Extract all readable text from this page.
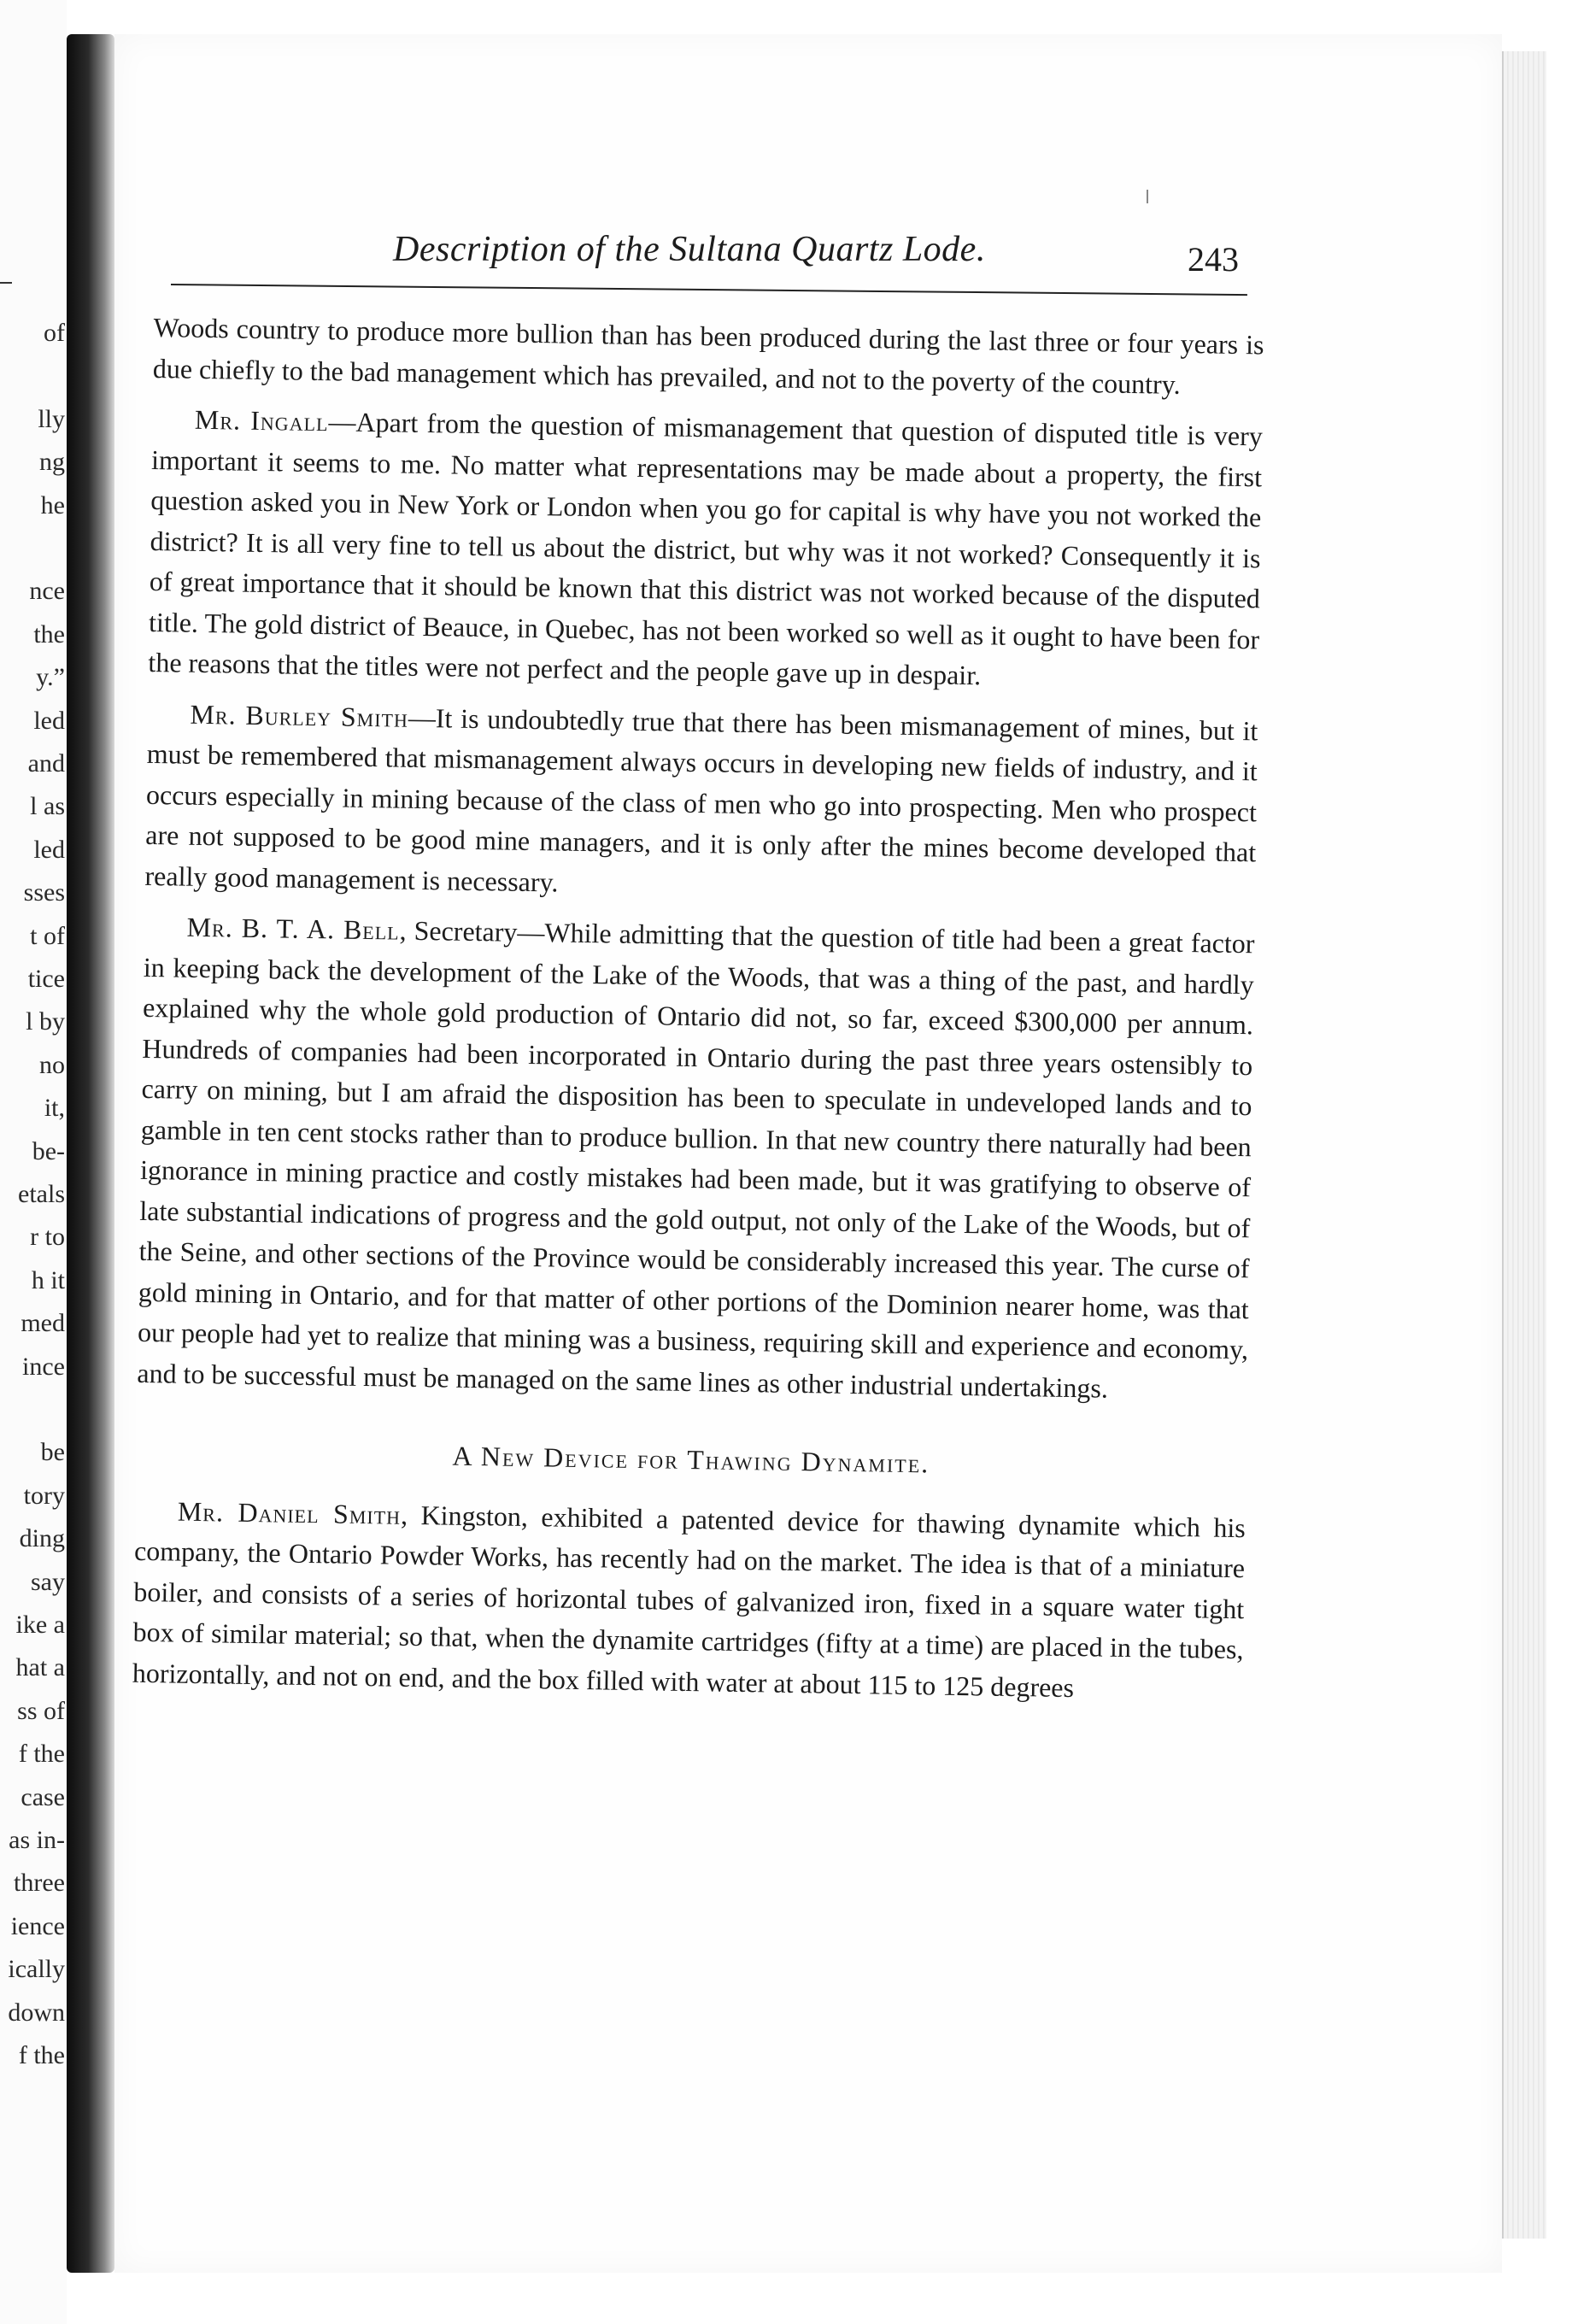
of
lly
ng
he
nce
the
y.”
led
and
l as
led
sses
t of
tice
l by
no
it,
be-
etals
r to
h it
med
ince
be
tory
ding
say
ike a
hat a
ss of
f the
case
as in-
three
ience
ically
down
f the
Description of the Sultana Quartz Lode.	243

Woods country to produce more bullion than has been produced during the last three or four years is due chiefly to the bad management which has prevailed, and not to the poverty of the country.

Mr. Ingall—Apart from the question of mismanagement that question of disputed title is very important it seems to me. No matter what representations may be made about a property, the first question asked you in New York or London when you go for capital is why have you not worked the district? It is all very fine to tell us about the district, but why was it not worked? Consequently it is of great importance that it should be known that this district was not worked because of the disputed title. The gold district of Beauce, in Quebec, has not been worked so well as it ought to have been for the reasons that the titles were not perfect and the people gave up in despair.

Mr. Burley Smith—It is undoubtedly true that there has been mismanagement of mines, but it must be remembered that mismanagement always occurs in developing new fields of industry, and it occurs especially in mining because of the class of men who go into prospecting. Men who prospect are not supposed to be good mine managers, and it is only after the mines become developed that really good management is necessary.

Mr. B. T. A. Bell, Secretary—While admitting that the question of title had been a great factor in keeping back the development of the Lake of the Woods, that was a thing of the past, and hardly explained why the whole gold production of Ontario did not, so far, exceed $300,000 per annum. Hundreds of companies had been incorporated in Ontario during the past three years ostensibly to carry on mining, but I am afraid the disposition has been to speculate in undeveloped lands and to gamble in ten cent stocks rather than to produce bullion. In that new country there naturally had been ignorance in mining practice and costly mistakes had been made, but it was gratifying to observe of late substantial indications of progress and the gold output, not only of the Lake of the Woods, but of the Seine, and other sections of the Province would be considerably increased this year. The curse of gold mining in Ontario, and for that matter of other portions of the Dominion nearer home, was that our people had yet to realize that mining was a business, requiring skill and experience and economy, and to be successful must be managed on the same lines as other industrial undertakings.

A New Device for Thawing Dynamite.

Mr. Daniel Smith, Kingston, exhibited a patented device for thawing dynamite which his company, the Ontario Powder Works, has recently had on the market. The idea is that of a miniature boiler, and consists of a series of horizontal tubes of galvanized iron, fixed in a square water tight box of similar material; so that, when the dynamite cartridges (fifty at a time) are placed in the tubes, horizontally, and not on end, and the box filled with water at about 115 to 125 degrees
